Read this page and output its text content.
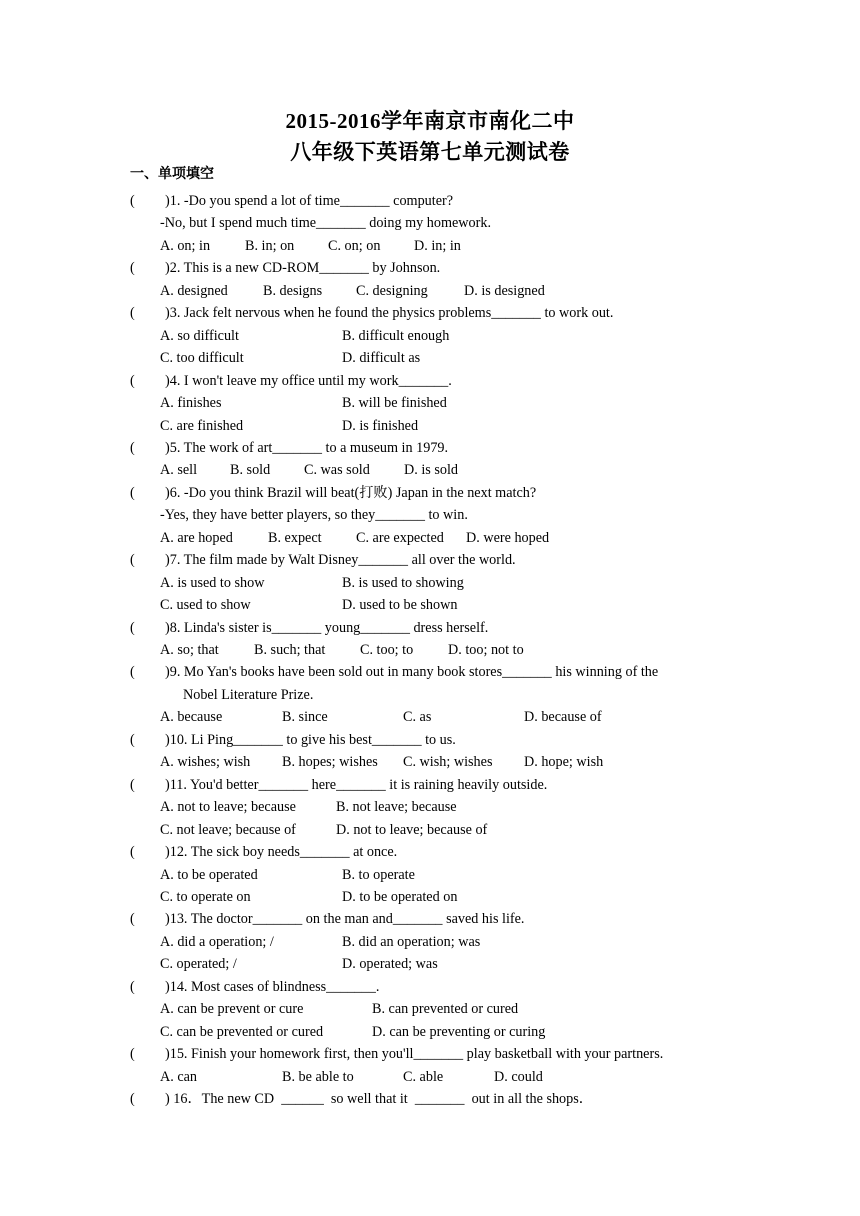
2015-2016学年南京市南化二中
八年级下英语第七单元测试卷
一、单项填空
( )1. -Do you spend a lot of time_______ computer?
-No, but I spend much time_______ doing my homework.
A. on; in B. in; on C. on; on D. in; in
( )2. This is a new CD-ROM_______ by Johnson.
A. designed B. designs C. designing	D. is designed
( )3. Jack felt nervous when he found the physics problems_______ to work out.
A. so difficult	B. difficult enough
C. too difficult	D. difficult as
( )4. I won't leave my office until my work_______.
A. finishes	B. will be finished
C. are finished	D. is finished
( )5. The work of art_______ to a museum in 1979.
A. sell B. sold C. was sold D. is sold
( )6. -Do you think Brazil will beat(打败) Japan in the next match?
-Yes, they have better players, so they_______ to win.
A. are hoped B. expect C. are expected D. were hoped
( )7. The film made by Walt Disney_______ all over the world.
A. is used to show	B. is used to showing
C. used to show	D. used to be shown
( )8. Linda's sister is_______ young_______ dress herself.
A. so; that B. such; that C. too; to D. too; not to
( )9. Mo Yan's books have been sold out in many book stores_______ his winning of the
Nobel Literature Prize.
A. because	B. since	C. as	D. because of
( )10. Li Ping_______ to give his best_______ to us.
A. wishes; wish B. hopes; wishes C. wish; wishes D. hope; wish
( )11. You'd better_______ here_______ it is raining heavily outside.
A. not to leave; because	B. not leave; because
C. not leave; because of	D. not to leave; because of
( )12. The sick boy needs_______ at once.
A. to be operated	B. to operate
C. to operate on	D. to be operated on
( )13. The doctor_______ on the man and_______ saved his life.
A. did a operation; /	B. did an operation; was
C. operated; /	D. operated; was
( )14. Most cases of blindness_______.
A. can be prevent or cure	B. can prevented or cured
C. can be prevented or cured	D. can be preventing or curing
( )15. Finish your homework first, then you'll_______ play basketball with your partners.
A. can	B. be able to	C. able	D. could
( ) 16．The new CD  ______  so well that it  _______  out in all the shops．
